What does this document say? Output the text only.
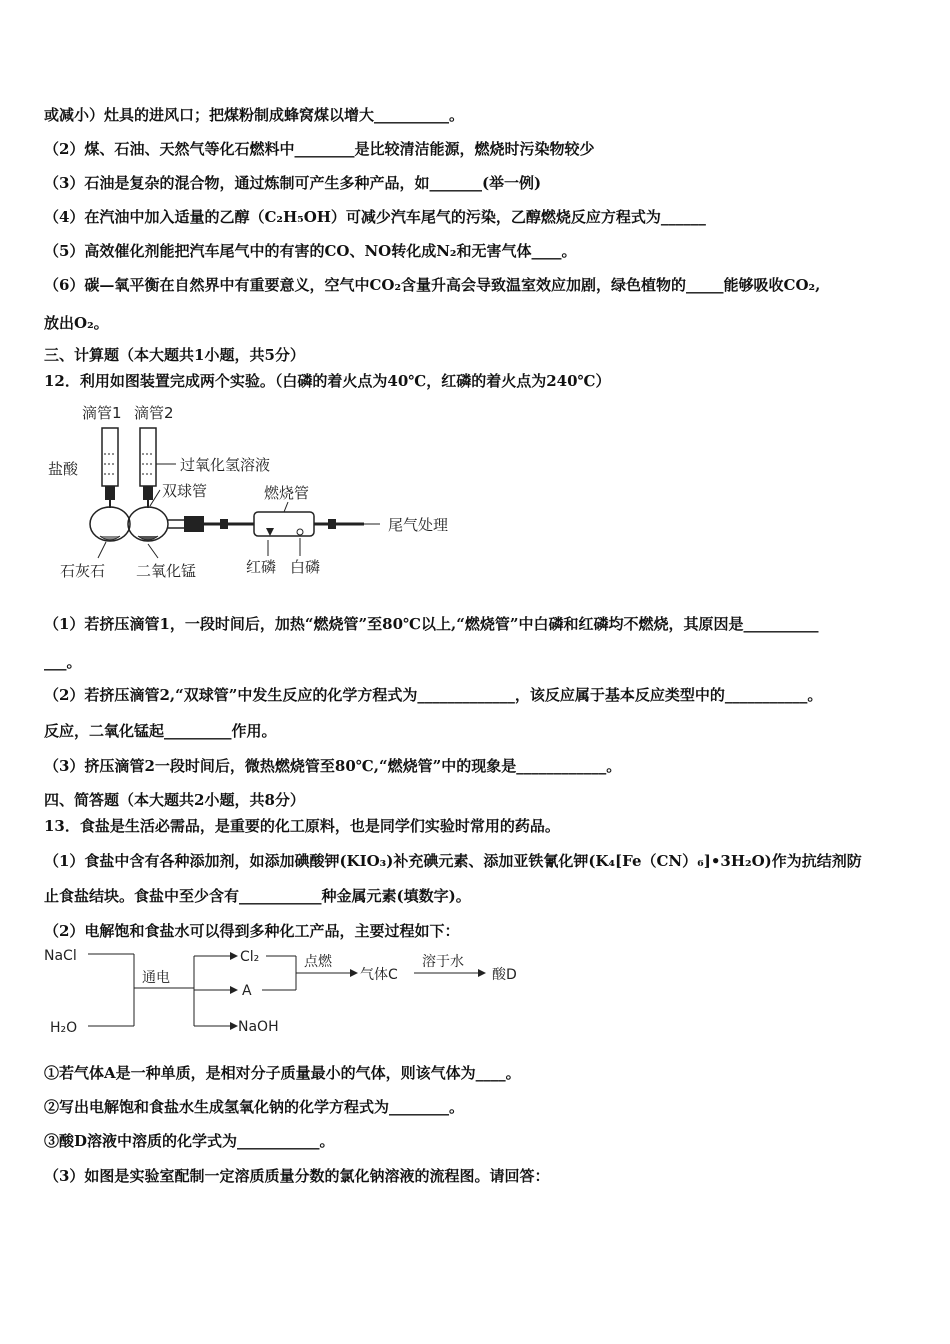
或减小）灶具的进风口；把煤粉制成蜂窝煤以增大__________。
（2）煤、石油、天然气等化石燃料中________是比较清洁能源，燃烧时污染物较少
（3）石油是复杂的混合物，通过炼制可产生多种产品，如_______(举一例)
（4）在汽油中加入适量的乙醇（C₂H₅OH）可减少汽车尾气的污染，乙醇燃烧反应方程式为______
（5）高效催化剂能把汽车尾气中的有害的CO、NO转化成N₂和无害气体____。
（6）碳—氧平衡在自然界中有重要意义，空气中CO₂含量升高会导致温室效应加剧，绿色植物的_____能够吸收CO₂,
放出O₂。
三、计算题（本大题共1小题，共5分）
12．利用如图装置完成两个实验。（白磷的着火点为40℃，红磷的着火点为240℃）
滴管1 滴管2
盐酸	过氧化氢溶液
双球管	燃烧管
尾气处理
石灰石 二氧化锰	红磷 白磷
（1）若挤压滴管1，一段时间后，加热“燃烧管”至80℃以上,“燃烧管”中白磷和红磷均不燃烧，其原因是__________
___。
（2）若挤压滴管2,“双球管”中发生反应的化学方程式为_____________，该反应属于基本反应类型中的___________。
反应，二氧化锰起_________作用。
（3）挤压滴管2一段时间后，微热燃烧管至80℃,“燃烧管”中的现象是____________。
四、简答题（本大题共2小题，共8分）
13．食盐是生活必需品，是重要的化工原料，也是同学们实验时常用的药品。
（1）食盐中含有各种添加剂，如添加碘酸钾(KIO₃)补充碘元素、添加亚铁氰化钾(K₄[Fe（CN）₆]•3H₂O)作为抗结剂防
止食盐结块。食盐中至少含有___________种金属元素(填数字)。
（2）电解饱和食盐水可以得到多种化工产品，主要过程如下：
NaCl
H₂O
通电
Cl₂
A
NaOH
点燃
气体C
溶于水
酸D
①若气体A是一种单质，是相对分子质量最小的气体，则该气体为____。
②写出电解饱和食盐水生成氢氧化钠的化学方程式为________。
③酸D溶液中溶质的化学式为___________。
（3）如图是实验室配制一定溶质质量分数的氯化钠溶液的流程图。请回答：
